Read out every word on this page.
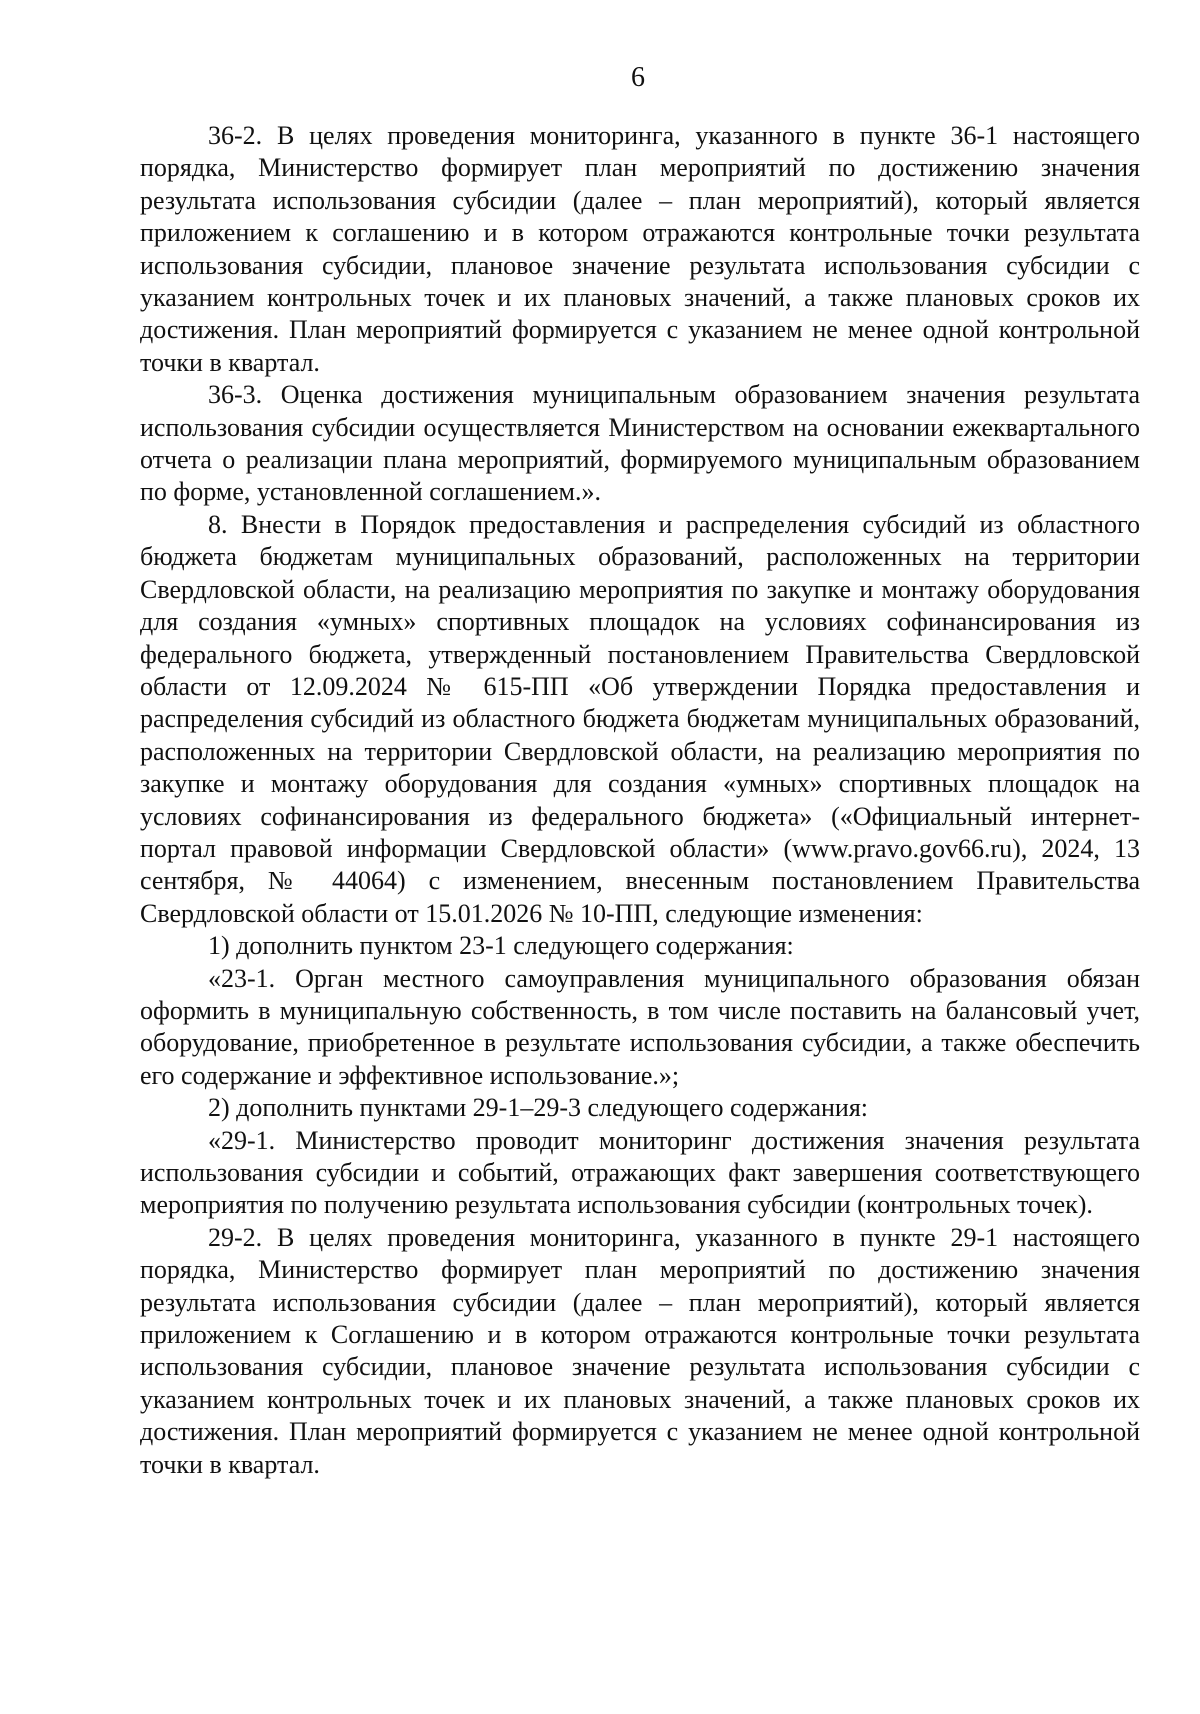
6

36-2. В целях проведения мониторинга, указанного в пункте 36-1 настоящего порядка, Министерство формирует план мероприятий по достижению значения результата использования субсидии (далее – план мероприятий), который является приложением к соглашению и в котором отражаются контрольные точки результата использования субсидии, плановое значение результата использования субсидии с указанием контрольных точек и их плановых значений, а также плановых сроков их достижения. План мероприятий формируется с указанием не менее одной контрольной точки в квартал.

36-3. Оценка достижения муниципальным образованием значения результата использования субсидии осуществляется Министерством на основании ежеквартального отчета о реализации плана мероприятий, формируемого муниципальным образованием по форме, установленной соглашением.».

8. Внести в Порядок предоставления и распределения субсидий из областного бюджета бюджетам муниципальных образований, расположенных на территории Свердловской области, на реализацию мероприятия по закупке и монтажу оборудования для создания «умных» спортивных площадок на условиях софинансирования из федерального бюджета, утвержденный постановлением Правительства Свердловской области от 12.09.2024 № 615-ПП «Об утверждении Порядка предоставления и распределения субсидий из областного бюджета бюджетам муниципальных образований, расположенных на территории Свердловской области, на реализацию мероприятия по закупке и монтажу оборудования для создания «умных» спортивных площадок на условиях софинансирования из федерального бюджета» («Официальный интернет-портал правовой информации Свердловской области» (www.pravo.gov66.ru), 2024, 13 сентября, № 44064) с изменением, внесенным постановлением Правительства Свердловской области от 15.01.2026 № 10-ПП, следующие изменения:

1) дополнить пунктом 23-1 следующего содержания:

«23-1. Орган местного самоуправления муниципального образования обязан оформить в муниципальную собственность, в том числе поставить на балансовый учет, оборудование, приобретенное в результате использования субсидии, а также обеспечить его содержание и эффективное использование.»;

2) дополнить пунктами 29-1–29-3 следующего содержания:

«29-1. Министерство проводит мониторинг достижения значения результата использования субсидии и событий, отражающих факт завершения соответствующего мероприятия по получению результата использования субсидии (контрольных точек).

29-2. В целях проведения мониторинга, указанного в пункте 29-1 настоящего порядка, Министерство формирует план мероприятий по достижению значения результата использования субсидии (далее – план мероприятий), который является приложением к Соглашению и в котором отражаются контрольные точки результата использования субсидии, плановое значение результата использования субсидии с указанием контрольных точек и их плановых значений, а также плановых сроков их достижения. План мероприятий формируется с указанием не менее одной контрольной точки в квартал.
